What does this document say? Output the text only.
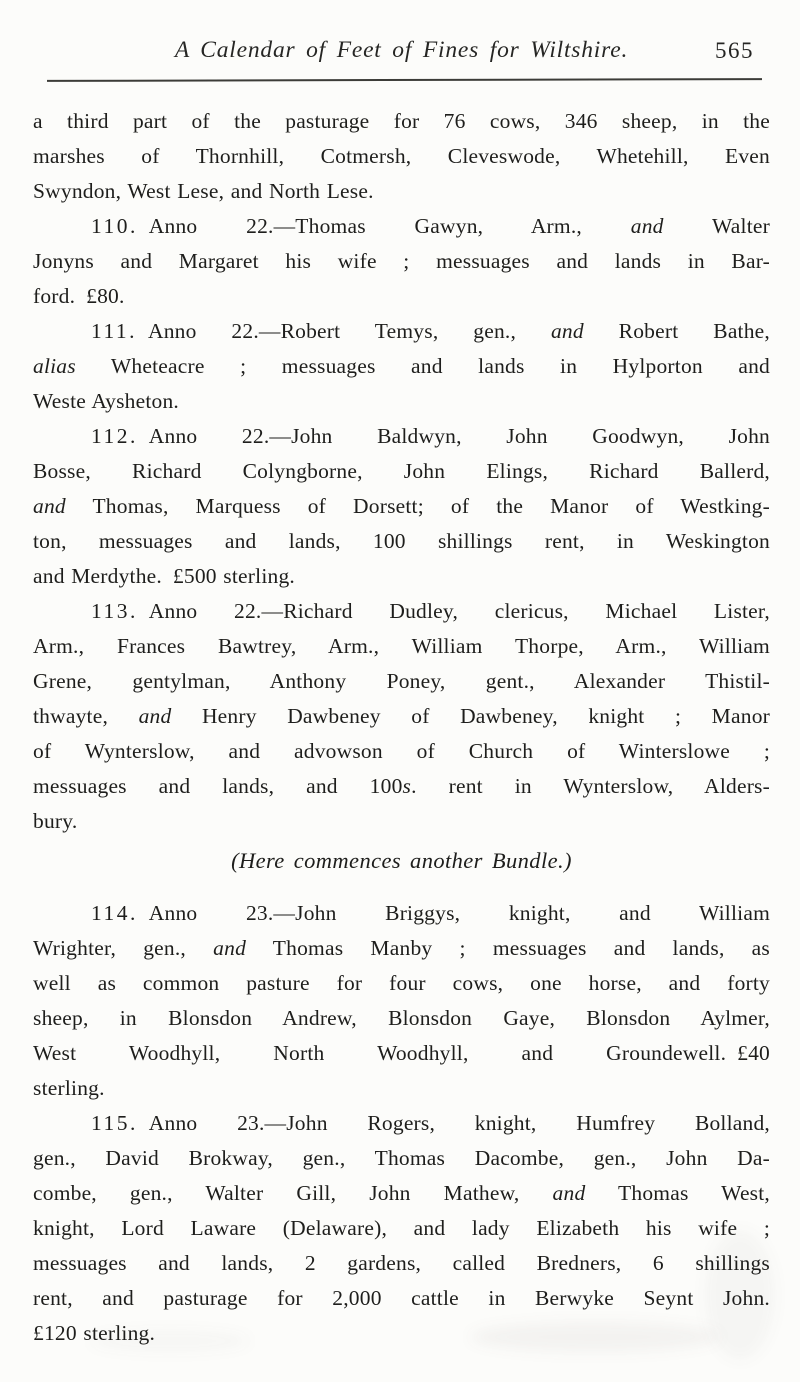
A Calendar of Feet of Fines for Wiltshire.	565
a third part of the pasturage for 76 cows, 346 sheep, in the
marshes of Thornhill, Cotmersh, Cleveswode, Whetehill, Even
Swyndon, West Lese, and North Lese.
110. Anno 22.—Thomas Gawyn, Arm., and Walter
Jonyns and Margaret his wife ; messuages and lands in Bar-
ford. £80.
111. Anno 22.—Robert Temys, gen., and Robert Bathe,
alias Wheteacre ; messuages and lands in Hylporton and
Weste Aysheton.
112. Anno 22.—John Baldwyn, John Goodwyn, John
Bosse, Richard Colyngborne, John Elings, Richard Ballerd,
and Thomas, Marquess of Dorsett; of the Manor of Westking-
ton, messuages and lands, 100 shillings rent, in Weskington
and Merdythe. £500 sterling.
113. Anno 22.—Richard Dudley, clericus, Michael Lister,
Arm., Frances Bawtrey, Arm., William Thorpe, Arm., William
Grene, gentylman, Anthony Poney, gent., Alexander Thistil-
thwayte, and Henry Dawbeney of Dawbeney, knight ; Manor
of Wynterslow, and advowson of Church of Winterslowe ;
messuages and lands, and 100s. rent in Wynterslow, Alders-
bury.
(Here commences another Bundle.)
114. Anno 23.—John Briggys, knight, and William
Wrighter, gen., and Thomas Manby ; messuages and lands, as
well as common pasture for four cows, one horse, and forty
sheep, in Blonsdon Andrew, Blonsdon Gaye, Blonsdon Aylmer,
West Woodhyll, North Woodhyll, and Groundewell. £40
sterling.
115. Anno 23.—John Rogers, knight, Humfrey Bolland,
gen., David Brokway, gen., Thomas Dacombe, gen., John Da-
combe, gen., Walter Gill, John Mathew, and Thomas West,
knight, Lord Laware (Delaware), and lady Elizabeth his wife ;
messuages and lands, 2 gardens, called Bredners, 6 shillings
rent, and pasturage for 2,000 cattle in Berwyke Seynt John.
£120 sterling.
